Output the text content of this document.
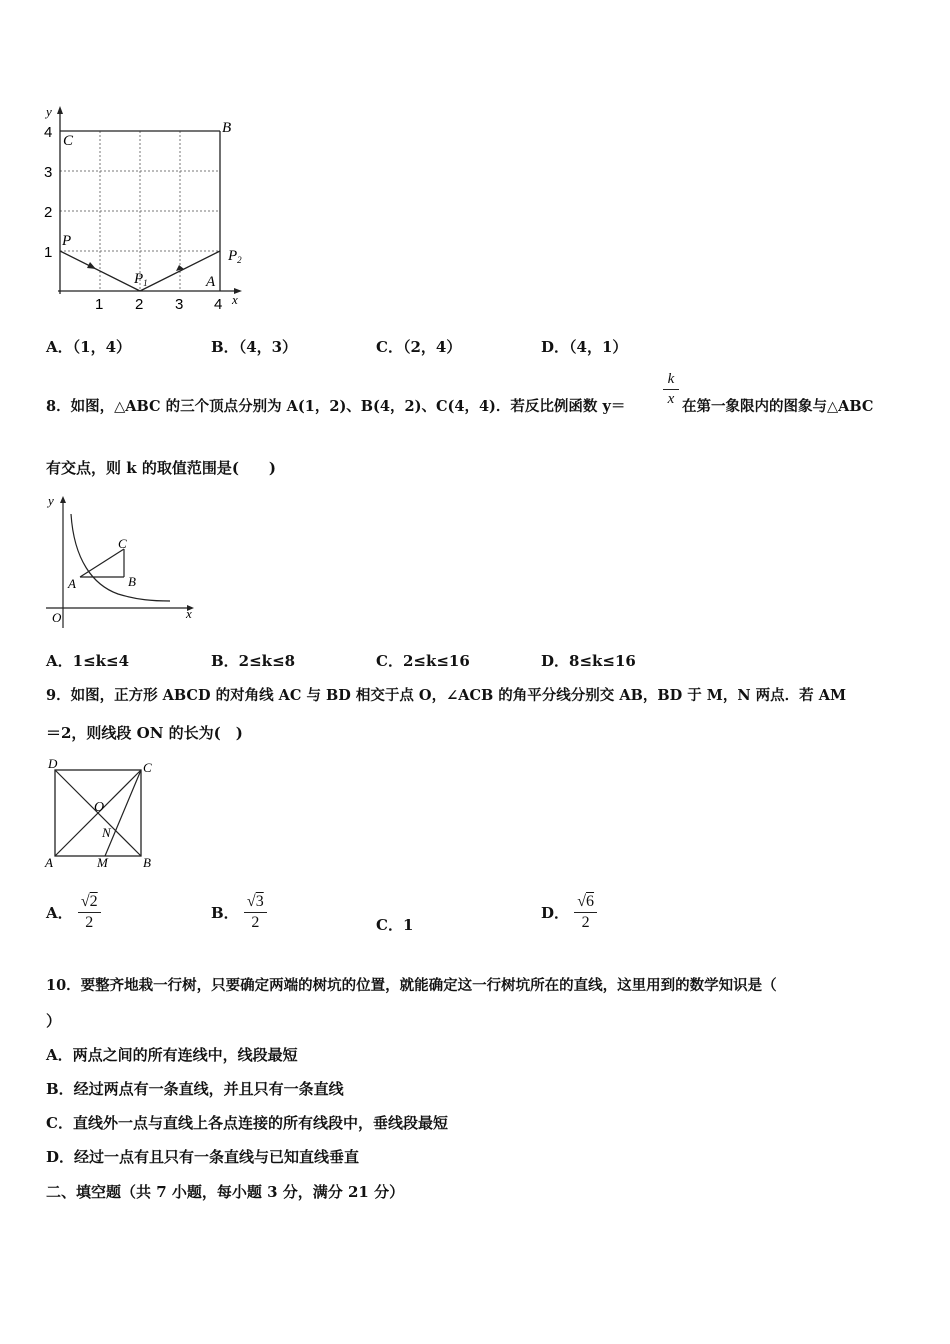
y
x
4
3
2
1
1 2 3 4
C
B
P
$P_1$
$P_2$
A
A．（1，4）	B．（4，3）	C．（2，4）	D．（4，1）
8．如图，△ABC 的三个顶点分别为 A(1，2)、B(4，2)、C(4，4)．若反比例函数 y＝	$\frac{k}{x}$ 在第一象限内的图象与△ABC
有交点，则 k 的取值范围是(　　)
y
x
O
A	B
C
A．1≤k≤4	B．2≤k≤8	C．2≤k≤16	D．8≤k≤16
9．如图，正方形 ABCD 的对角线 AC 与 BD 相交于点 O，∠ACB 的角平分线分别交 AB，BD 于 M，N 两点．若 AM
＝2，则线段 ON 的长为(　)
D	C
O
N
A	M	B
A． $\frac{√2}{2}$	B． $\frac{√3}{2}$	C．1
D． $\frac{√6}{2}$
10．要整齐地栽一行树，只要确定两端的树坑的位置，就能确定这一行树坑所在的直线，这里用到的数学知识是（
）
A．两点之间的所有连线中，线段最短
B．经过两点有一条直线，并且只有一条直线
C．直线外一点与直线上各点连接的所有线段中，垂线段最短
D．经过一点有且只有一条直线与已知直线垂直
二、填空题（共 7 小题，每小题 3 分，满分 21 分）
